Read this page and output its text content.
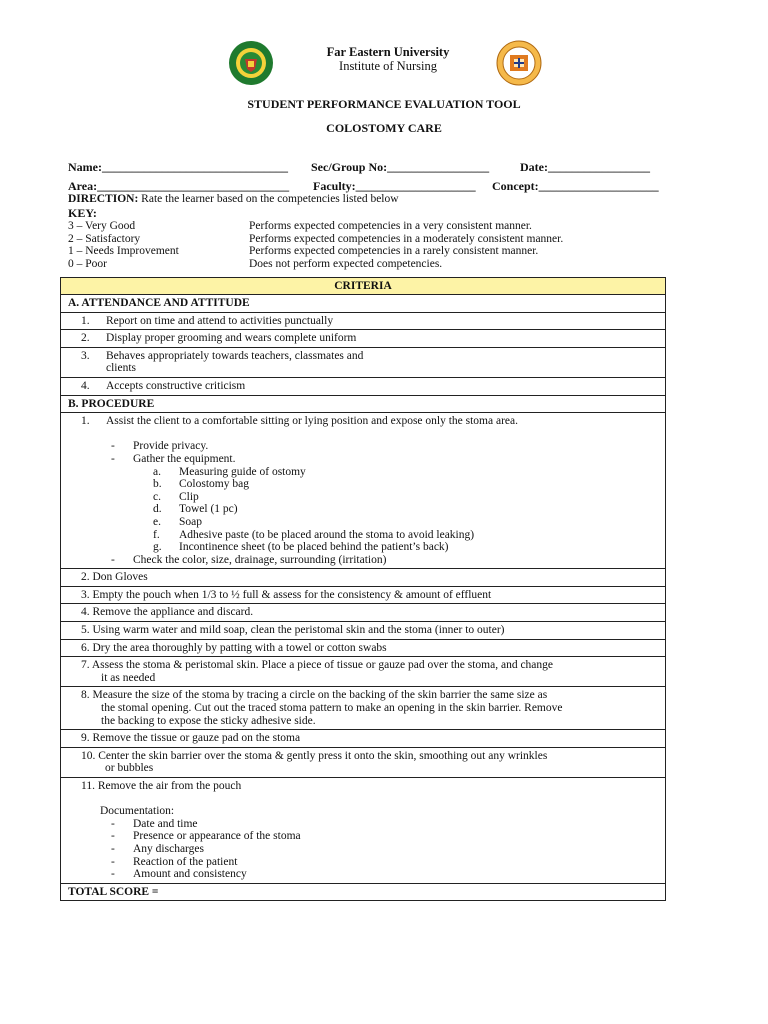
Far Eastern University
Institute of Nursing
STUDENT PERFORMANCE EVALUATION TOOL
COLOSTOMY CARE
Name:_______________________________ Sec/Group No:_________________	Date:_________________
Area:________________________________ Faculty:____________________ Concept:____________________
DIRECTION: Rate the learner based on the competencies listed below
KEY:
3 – Very Good	Performs expected competencies in a very consistent manner.
2 – Satisfactory	Performs expected competencies in a moderately consistent manner.
1 – Needs Improvement	Performs expected competencies in a rarely consistent manner.
0 – Poor	Does not perform expected competencies.
CRITERIA
A. ATTENDANCE AND ATTITUDE
1. Report on time and attend to activities punctually
2. Display proper grooming and wears complete uniform
3. Behaves appropriately towards teachers, classmates and
clients
4. Accepts constructive criticism
B. PROCEDURE
1. Assist the client to a comfortable sitting or lying position and expose only the stoma area.
- Provide privacy.
- Gather the equipment.
a. Measuring guide of ostomy
b. Colostomy bag
c. Clip
d. Towel (1 pc)
e. Soap
f. Adhesive paste (to be placed around the stoma to avoid leaking)
g. Incontinence sheet (to be placed behind the patient’s back)
- Check the color, size, drainage, surrounding (irritation)
2. Don Gloves
3. Empty the pouch when 1/3 to ½ full & assess for the consistency & amount of effluent
4. Remove the appliance and discard.
5. Using warm water and mild soap, clean the peristomal skin and the stoma (inner to outer)
6. Dry the area thoroughly by patting with a towel or cotton swabs
7. Assess the stoma & peristomal skin. Place a piece of tissue or gauze pad over the stoma, and change
it as needed
8. Measure the size of the stoma by tracing a circle on the backing of the skin barrier the same size as
the stomal opening. Cut out the traced stoma pattern to make an opening in the skin barrier. Remove
the backing to expose the sticky adhesive side.
9. Remove the tissue or gauze pad on the stoma
10. Center the skin barrier over the stoma & gently press it onto the skin, smoothing out any wrinkles
or bubbles
11. Remove the air from the pouch
Documentation:
- Date and time
- Presence or appearance of the stoma
- Any discharges
- Reaction of the patient
- Amount and consistency
TOTAL SCORE =
